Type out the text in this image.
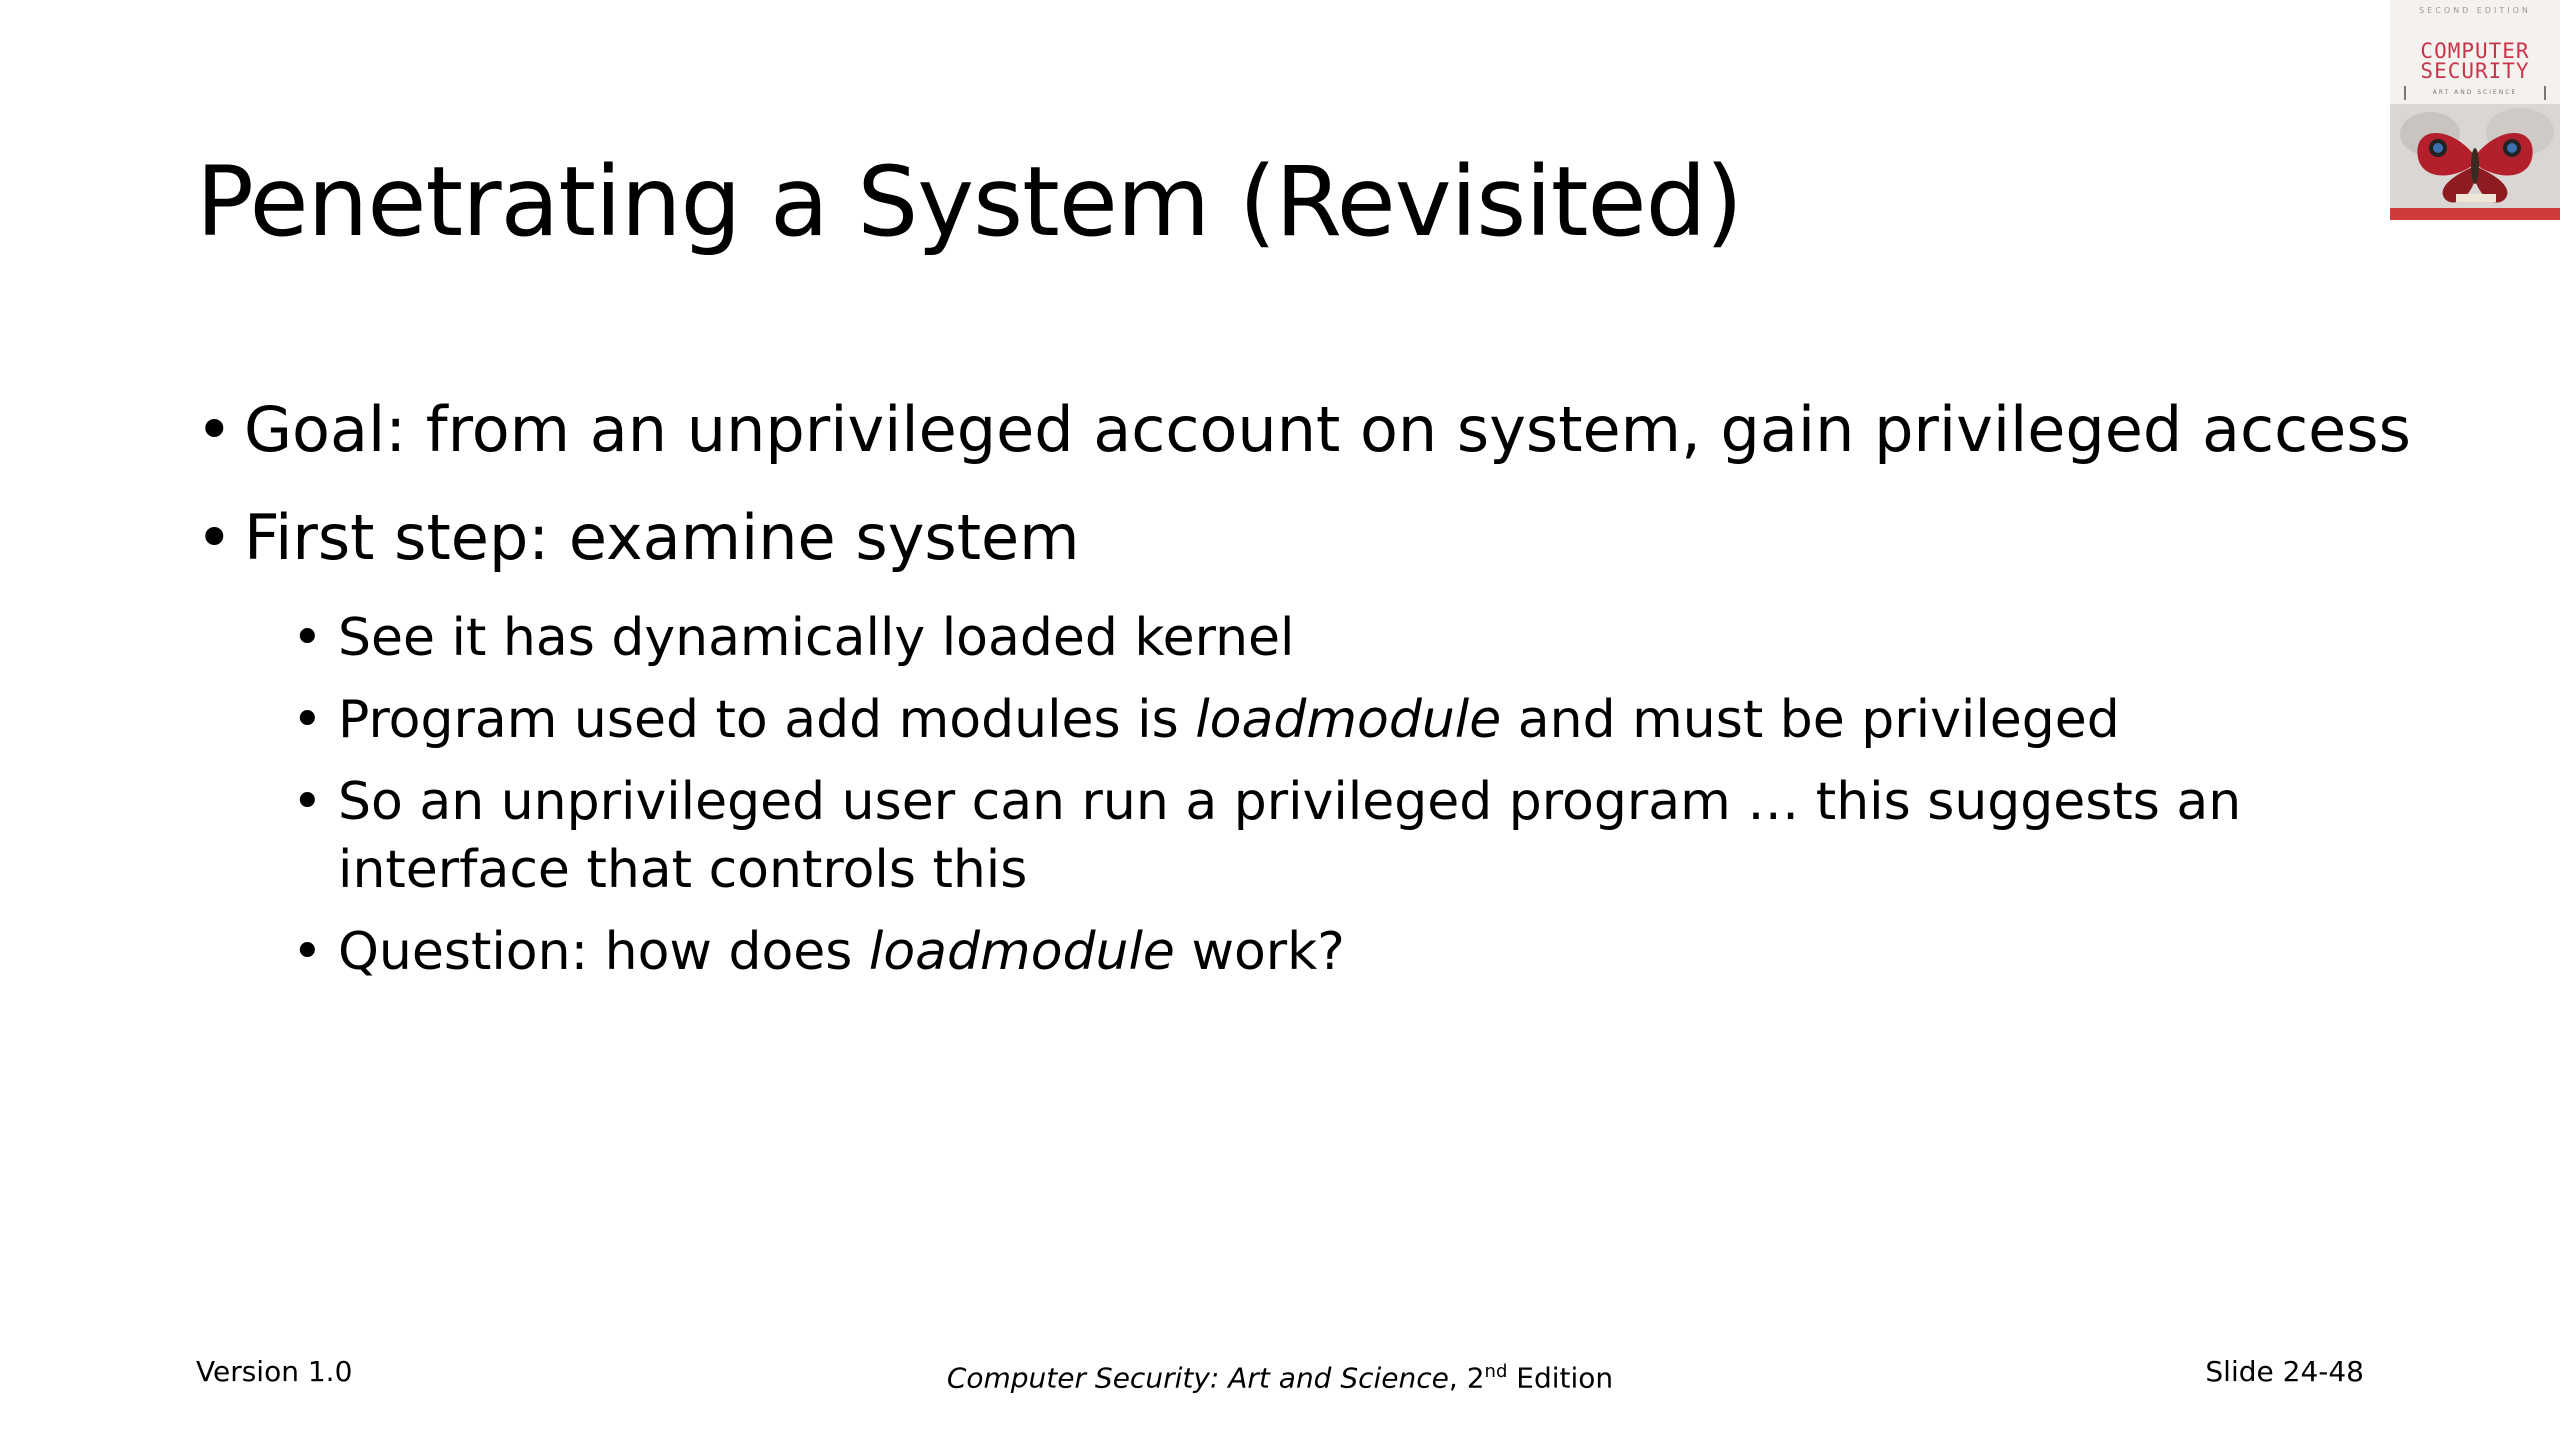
SECOND EDITION
COMPUTER
SECURITY
ART AND SCIENCE
Penetrating a System (Revisited)
• Goal: from an unprivileged account on system, gain privileged access
• First step: examine system
• See it has dynamically loaded kernel
• Program used to add modules is loadmodule and must be privileged
• So an unprivileged user can run a privileged program … this suggests an interface that controls this
• Question: how does loadmodule work?
Version 1.0	Computer Security: Art and Science, 2nd Edition	Slide 24-48
